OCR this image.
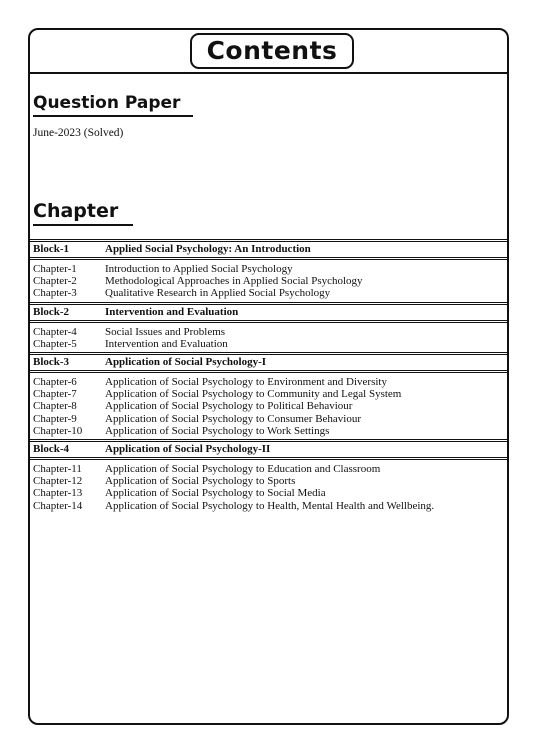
Contents
Question Paper
June-2023 (Solved)
Chapter
Block-1	Applied Social Psychology: An Introduction
Chapter-1	Introduction to Applied Social Psychology
Chapter-2	Methodological Approaches in Applied Social Psychology
Chapter-3	Qualitative Research in Applied Social Psychology
Block-2	Intervention and Evaluation
Chapter-4	Social Issues and Problems
Chapter-5	Intervention and Evaluation
Block-3	Application of Social Psychology-I
Chapter-6	Application of Social Psychology to Environment and Diversity
Chapter-7	Application of Social Psychology to Community and Legal System
Chapter-8	Application of Social Psychology to Political Behaviour
Chapter-9	Application of Social Psychology to Consumer Behaviour
Chapter-10	Application of Social Psychology to Work Settings
Block-4	Application of Social Psychology-II
Chapter-11	Application of Social Psychology to Education and Classroom
Chapter-12	Application of Social Psychology to Sports
Chapter-13	Application of Social Psychology to Social Media
Chapter-14	Application of Social Psychology to Health, Mental Health and Wellbeing.
